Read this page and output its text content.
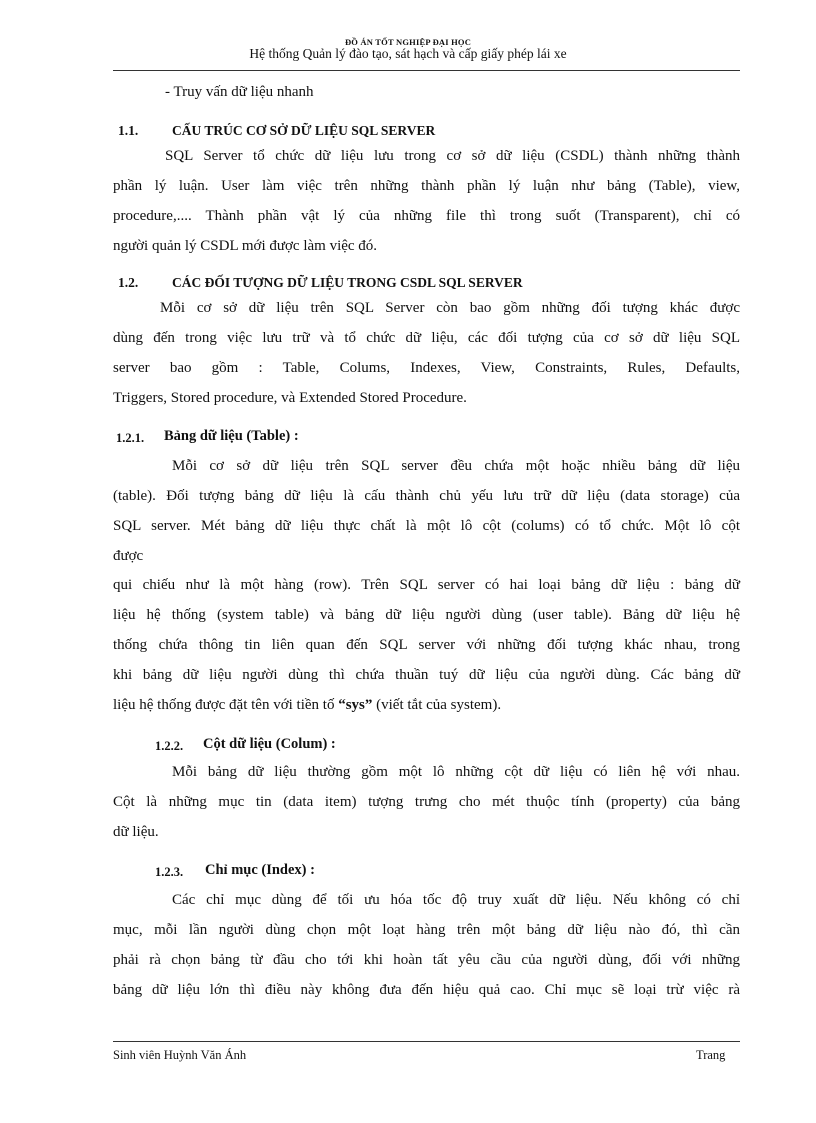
ĐỒ ÁN TỐT NGHIỆP ĐẠI HỌC
Hệ thống Quản lý đào tạo, sát hạch và cấp giấy phép lái xe
- Truy vấn dữ liệu nhanh
1.1.	CẤU TRÚC CƠ SỞ DỮ LIỆU SQL SERVER
SQL Server tổ chức dữ liệu lưu trong cơ sở dữ liệu (CSDL) thành những thành
phần lý luận. User làm việc trên những thành phần lý luận như bảng (Table), view,
procedure,.... Thành phần vật lý của những file thì trong suốt (Transparent), chỉ có
người quản lý CSDL mới được làm việc đó.
1.2.	CÁC ĐỐI TƯỢNG DỮ LIỆU TRONG CSDL SQL SERVER
Mỗi cơ sở dữ liệu trên SQL Server còn bao gồm những đối tượng khác được
dùng đến trong việc lưu trữ và tổ chức dữ liệu, các đối tượng của cơ sở dữ liệu SQL
server bao gồm : Table, Colums, Indexes, View, Constraints, Rules, Defaults,
Triggers, Stored procedure, và Extended Stored Procedure.
1.2.1. Bảng dữ liệu (Table) :
Mỗi cơ sở dữ liệu trên SQL server đều chứa một hoặc nhiều bảng dữ liệu
(table). Đối tượng bảng dữ liệu là cấu thành chủ yếu lưu trữ dữ liệu (data storage) của
SQL server. Mét bảng dữ liệu thực chất là một lô cột (colums) có tổ chức. Một lô cột
được
qui chiếu như là một hàng (row). Trên SQL server có hai loại bảng dữ liệu : bảng dữ
liệu hệ thống (system table) và bảng dữ liệu người dùng (user table). Bảng dữ liệu hệ
thống chứa thông tin liên quan đến SQL server với những đối tượng khác nhau, trong
khi bảng dữ liệu người dùng thì chứa thuần tuý dữ liệu của người dùng. Các bảng dữ
liệu hệ thống được đặt tên với tiền tố “sys” (viết tắt của system).
1.2.2. Cột dữ liệu (Colum) :
Mỗi bảng dữ liệu thường gồm một lô những cột dữ liệu có liên hệ với nhau.
Cột là những mục tin (data item) tượng trưng cho mét thuộc tính (property) của bảng
dữ liệu.
1.2.3. Chỉ mục (Index) :
Các chỉ mục dùng để tối ưu hóa tốc độ truy xuất dữ liệu. Nếu không có chỉ
mục, mỗi lần người dùng chọn một loạt hàng trên một bảng dữ liệu nào đó, thì cần
phải rà chọn bảng từ đầu cho tới khi hoàn tất yêu cầu của người dùng, đối với những
bảng dữ liệu lớn thì điều này không đưa đến hiệu quả cao. Chỉ mục sẽ loại trừ việc rà
Sinh viên Huỳnh Văn Ánh	Trang
